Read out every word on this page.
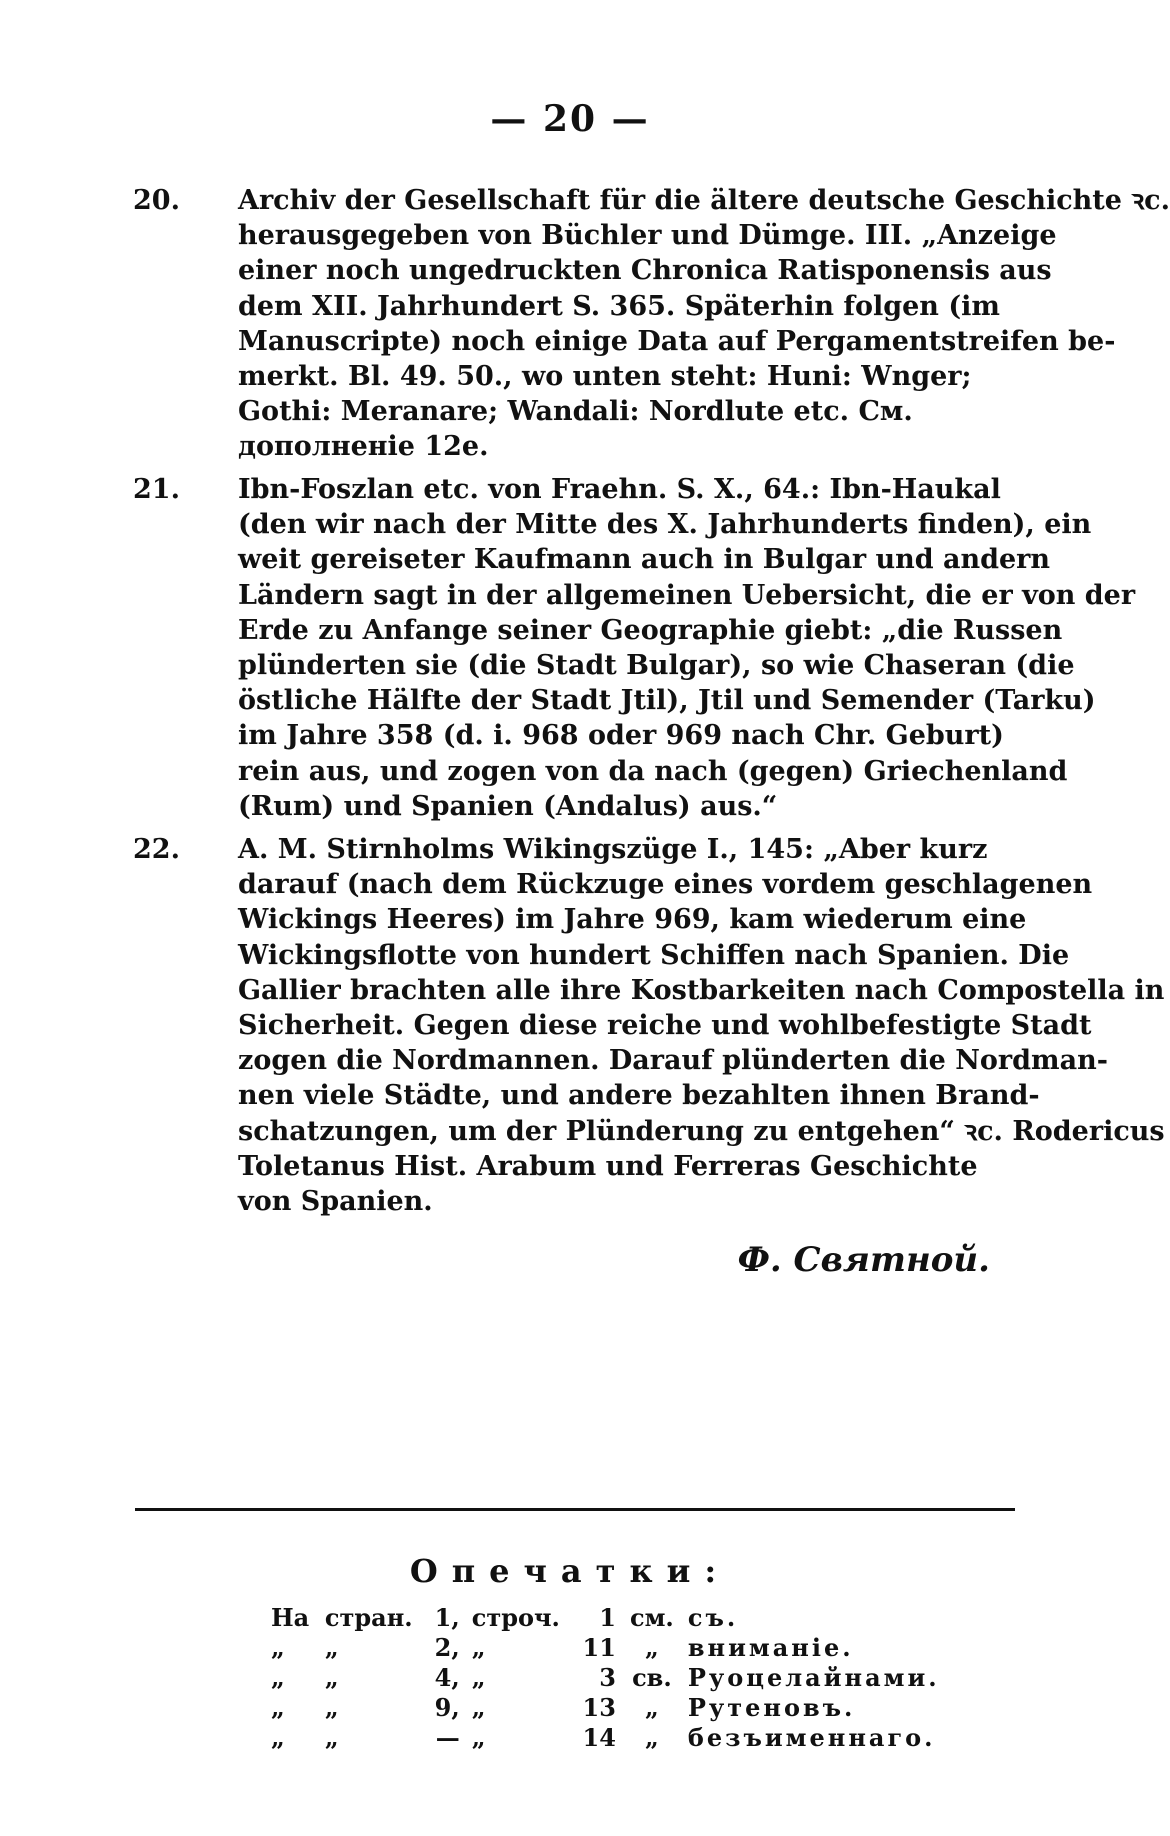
— 20 —
20.	Archiv der Gesellschaft für die ältere deutsche Geschichte ꝛc.
herausgegeben von Büchler und Dümge. III. „Anzeige
einer noch ungedruckten Chronica Ratisponensis aus
dem XII. Jahrhundert S. 365. Späterhin folgen (im
Manuscripte) noch einige Data auf Pergamentstreifen be-
merkt. Bl. 49. 50., wo unten steht: Huni: Wnger;
Gothi: Meranare; Wandali: Nordlute etc. См.
дополненіе 12e.
21.	Ibn-Foszlan etc. von Fraehn. S. X., 64.: Ibn-Haukal
(den wir nach der Mitte des X. Jahrhunderts finden), ein
weit gereiseter Kaufmann auch in Bulgar und andern
Ländern sagt in der allgemeinen Uebersicht, die er von der
Erde zu Anfange seiner Geographie giebt: „die Russen
plünderten sie (die Stadt Bulgar), so wie Chaseran (die
östliche Hälfte der Stadt Jtil), Jtil und Semender (Tarku)
im Jahre 358 (d. i. 968 oder 969 nach Chr. Geburt)
rein aus, und zogen von da nach (gegen) Griechenland
(Rum) und Spanien (Andalus) aus.“
22.	A. M. Stirnholms Wikingszüge I., 145: „Aber kurz
darauf (nach dem Rückzuge eines vordem geschlagenen
Wickings Heeres) im Jahre 969, kam wiederum eine
Wickingsflotte von hundert Schiffen nach Spanien. Die
Gallier brachten alle ihre Kostbarkeiten nach Compostella in
Sicherheit. Gegen diese reiche und wohlbefestigte Stadt
zogen die Nordmannen. Darauf plünderten die Nordman-
nen viele Städte, und andere bezahlten ihnen Brand-
schatzungen, um der Plünderung zu entgehen“ ꝛc. Rodericus
Toletanus Hist. Arabum und Ferreras Geschichte
von Spanien.
Ф. Святной.
Опечатки:
На	стран.	1,	строч.	1	см.	съ.
„	„	2,	„	11	„	вниманіе.
„	„	4,	„	3	св.	Руоцелайнами.
„	„	9,	„	13	„	Рутеновъ.
„	„	—	„	14	„	безъименнаго.
